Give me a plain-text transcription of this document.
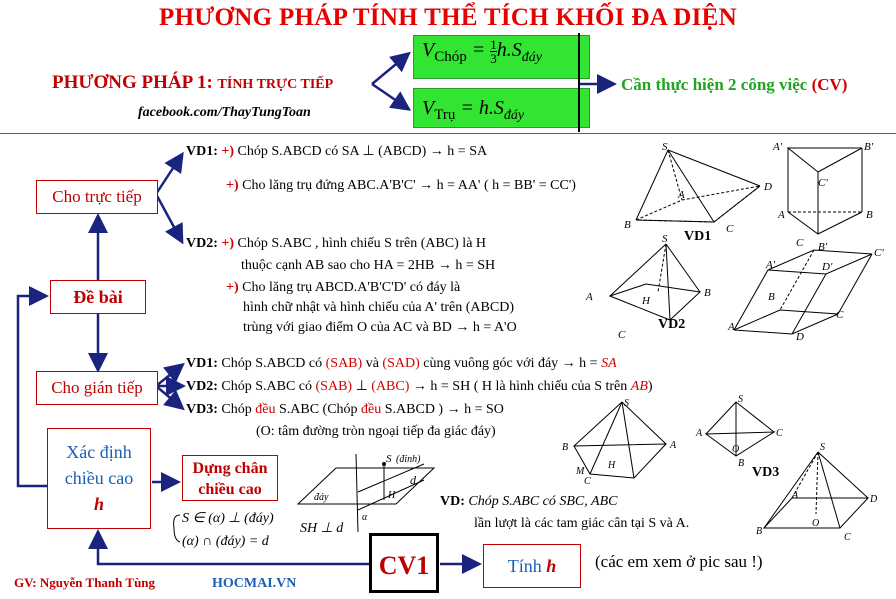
PHƯƠNG PHÁP TÍNH THỂ TÍCH KHỐI ĐA DIỆN
PHƯƠNG PHÁP 1: TÍNH TRỰC TIẾP
facebook.com/ThayTungToan
$V_{Chóp} = \frac{1}{3} h.S_{đáy}$
$V_{Trụ} = h.S_{đáy}$
Cần thực hiện 2 công việc (CV)
Cho trực tiếp
Đề bài
Cho gián tiếp
Xác định
chiều cao
h
Dựng chân
chiều cao
CV1	Tính h
VD1: +) Chóp S.ABCD có SA ⊥ (ABCD) → h = SA
+) Cho lăng trụ đứng ABC.A'B'C' → h = AA' ( h = BB' = CC')
VD2: +) Chóp S.ABC , hình chiếu S trên (ABC) là H
thuộc cạnh AB sao cho HA = 2HB → h = SH
+) Cho lăng trụ ABCD.A'B'C'D' có đáy là
hình chữ nhật và hình chiếu của A' trên (ABCD)
trùng với giao điểm O của AC và BD → h = A'O
VD1: Chóp S.ABCD có (SAB) và (SAD) cùng vuông góc với đáy → h = SA
VD2: Chóp S.ABC có (SAB) ⊥ (ABC) → h = SH ( H là hình chiếu của S trên AB)
VD3: Chóp đều S.ABC (Chóp đều S.ABCD ) → h = SO
(O: tâm đường tròn ngoại tiếp đa giác đáy)
S ∈ (α) ⊥ (đáy)
(α) ∩ (đáy) = d
S (đỉnh)
d
đáy
α
H
SH ⊥ d
VD: Chóp S.ABC có SBC, ABC
lần lượt là các tam giác cân tại S và A.
(các em xem ở pic sau !)
GV: Nguyễn Thanh Tùng	HOCMAI.VN
S
B
A
C
D
A'	B'
C'
A	B
C
S
A	H
B
C
B'	C'
A'	D'
B
C
A
D
VD1
VD2
S
B	A
M
H
C
S
A	C
O
B
S
A	D
B
O
C
VD3
